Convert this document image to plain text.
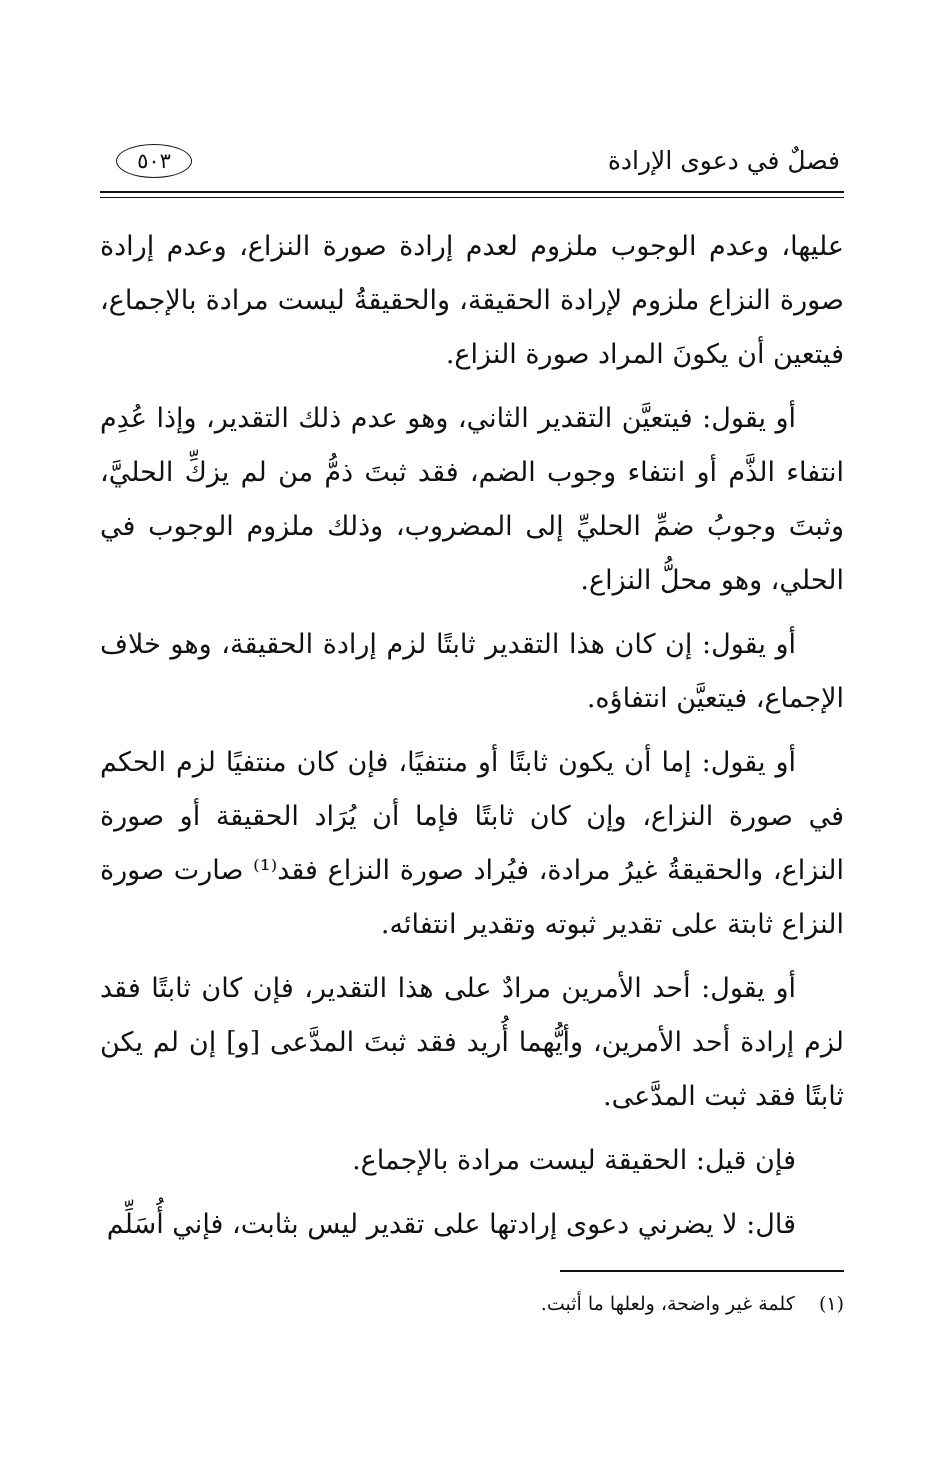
فصلٌ في دعوى الإرادة
٥٠٣

عليها، وعدم الوجوب ملزوم لعدم إرادة صورة النزاع، وعدم إرادة صورة النزاع ملزوم لإرادة الحقيقة، والحقيقةُ ليست مرادة بالإجماع، فيتعين أن يكونَ المراد صورة النزاع.

أو يقول: فيتعيَّن التقدير الثاني، وهو عدم ذلك التقدير، وإذا عُدِم انتفاء الذَّم أو انتفاء وجوب الضم، فقد ثبتَ ذمُّ من لم يزكِّ الحليَّ، وثبتَ وجوبُ ضمِّ الحليِّ إلى المضروب، وذلك ملزوم الوجوب في الحلي، وهو محلُّ النزاع.

أو يقول: إن كان هذا التقدير ثابتًا لزم إرادة الحقيقة، وهو خلاف الإجماع، فيتعيَّن انتفاؤه.

أو يقول: إما أن يكون ثابتًا أو منتفيًا، فإن كان منتفيًا لزم الحكم في صورة النزاع، وإن كان ثابتًا فإما أن يُرَاد الحقيقة أو صورة النزاع، والحقيقةُ غيرُ مرادة، فيُراد صورة النزاع فقد⁽¹⁾ صارت صورة النزاع ثابتة على تقدير ثبوته وتقدير انتفائه.

أو يقول: أحد الأمرين مرادٌ على هذا التقدير، فإن كان ثابتًا فقد لزم إرادة أحد الأمرين، وأيُّهما أُريد فقد ثبتَ المدَّعى [و] إن لم يكن ثابتًا فقد ثبت المدَّعى.

فإن قيل: الحقيقة ليست مرادة بالإجماع.

قال: لا يضرني دعوى إرادتها على تقدير ليس بثابت، فإني أُسَلِّم

(١)    كلمة غير واضحة، ولعلها ما أثبت.
